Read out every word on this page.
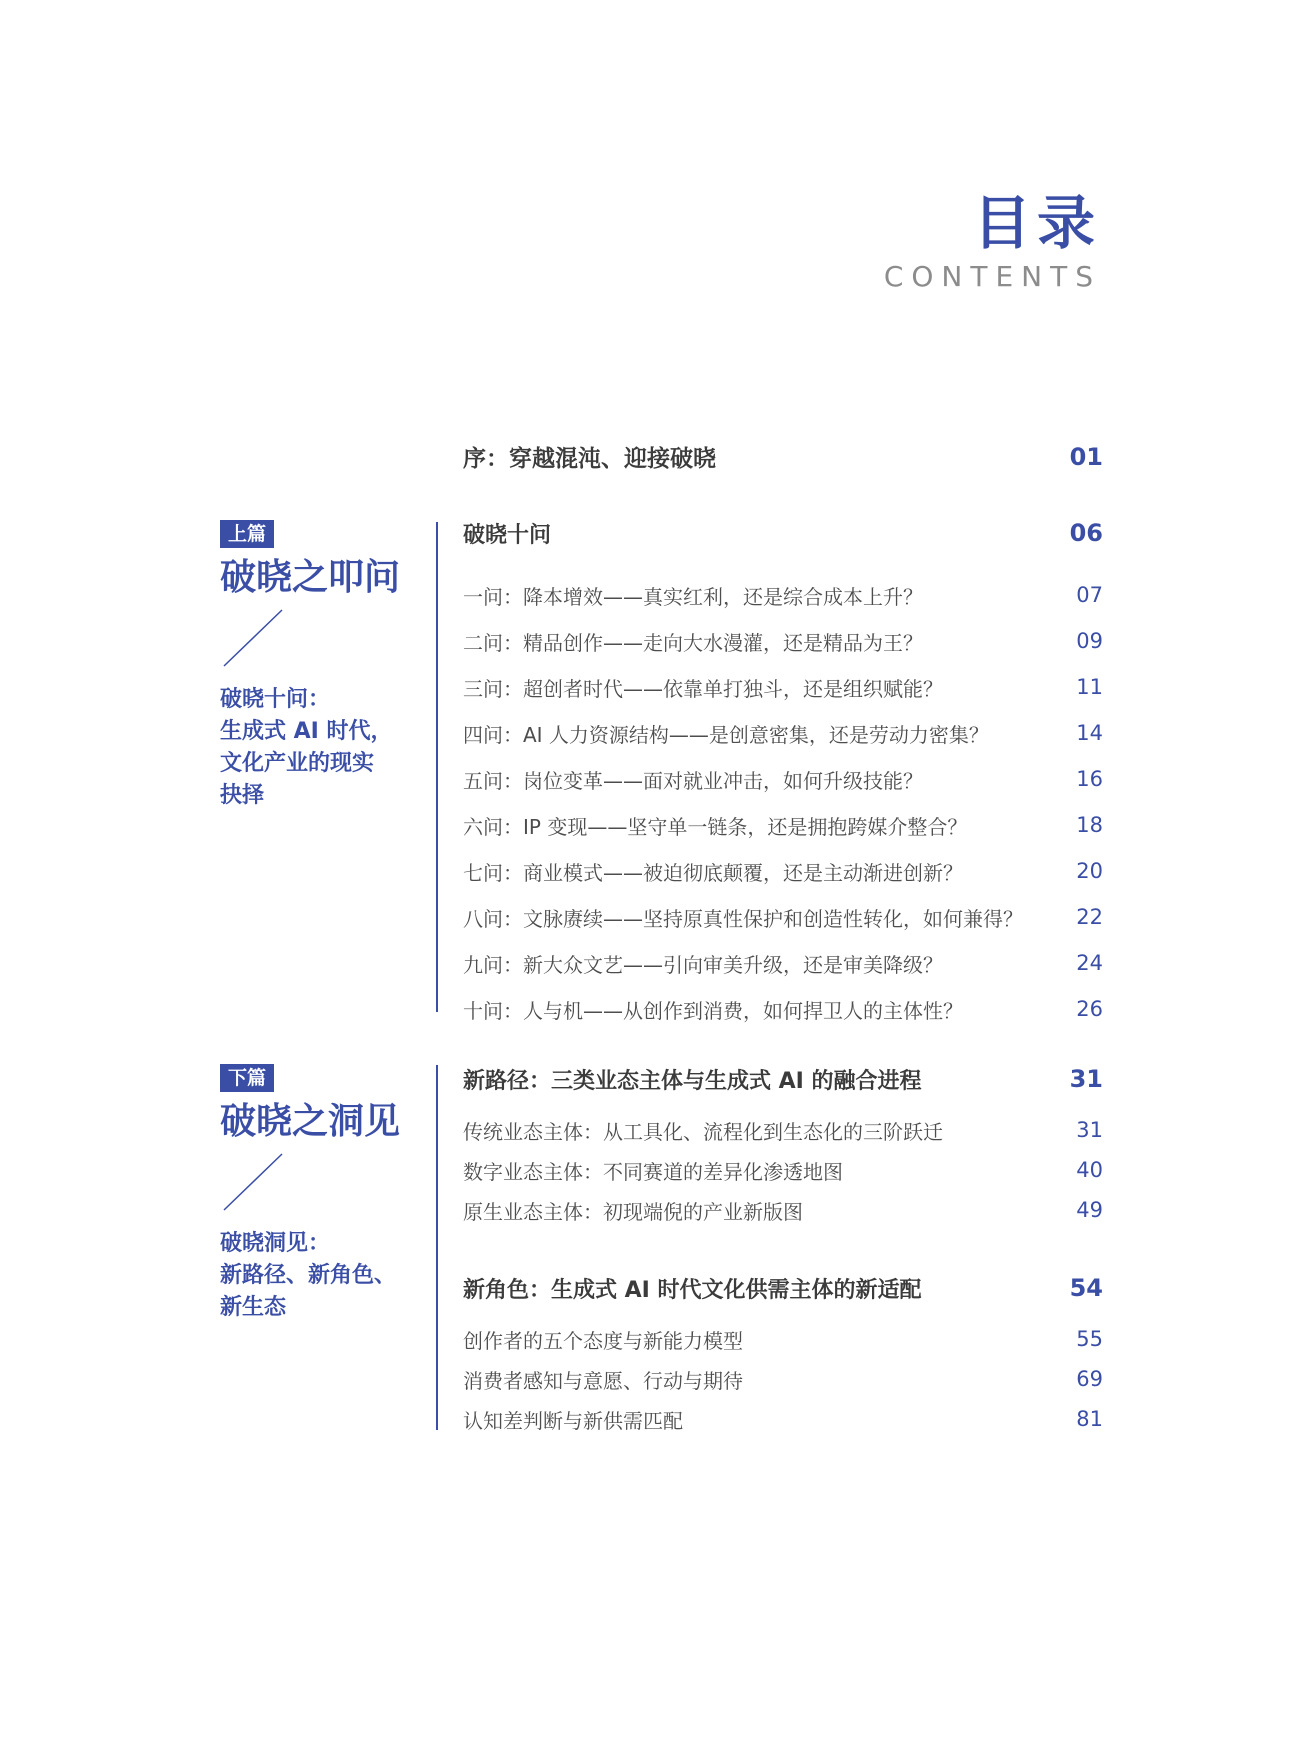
目录
CONTENTS
序：穿越混沌、迎接破晓	01
上篇
破晓之叩问
破晓十问：
生成式 AI 时代，
文化产业的现实
抉择
破晓十问	06
一问：降本增效——真实红利，还是综合成本上升？	07
二问：精品创作——走向大水漫灌，还是精品为王？	09
三问：超创者时代——依靠单打独斗，还是组织赋能？	11
四问：AI 人力资源结构——是创意密集，还是劳动力密集？	14
五问：岗位变革——面对就业冲击，如何升级技能？	16
六问：IP 变现——坚守单一链条，还是拥抱跨媒介整合？	18
七问：商业模式——被迫彻底颠覆，还是主动渐进创新？	20
八问：文脉赓续——坚持原真性保护和创造性转化，如何兼得？	22
九问：新大众文艺——引向审美升级，还是审美降级？	24
十问：人与机——从创作到消费，如何捍卫人的主体性？	26
下篇
破晓之洞见
破晓洞见：
新路径、新角色、
新生态
新路径：三类业态主体与生成式 AI 的融合进程	31
传统业态主体：从工具化、流程化到生态化的三阶跃迁	31
数字业态主体：不同赛道的差异化渗透地图	40
原生业态主体：初现端倪的产业新版图	49
新角色：生成式 AI 时代文化供需主体的新适配	54
创作者的五个态度与新能力模型	55
消费者感知与意愿、行动与期待	69
认知差判断与新供需匹配	81
